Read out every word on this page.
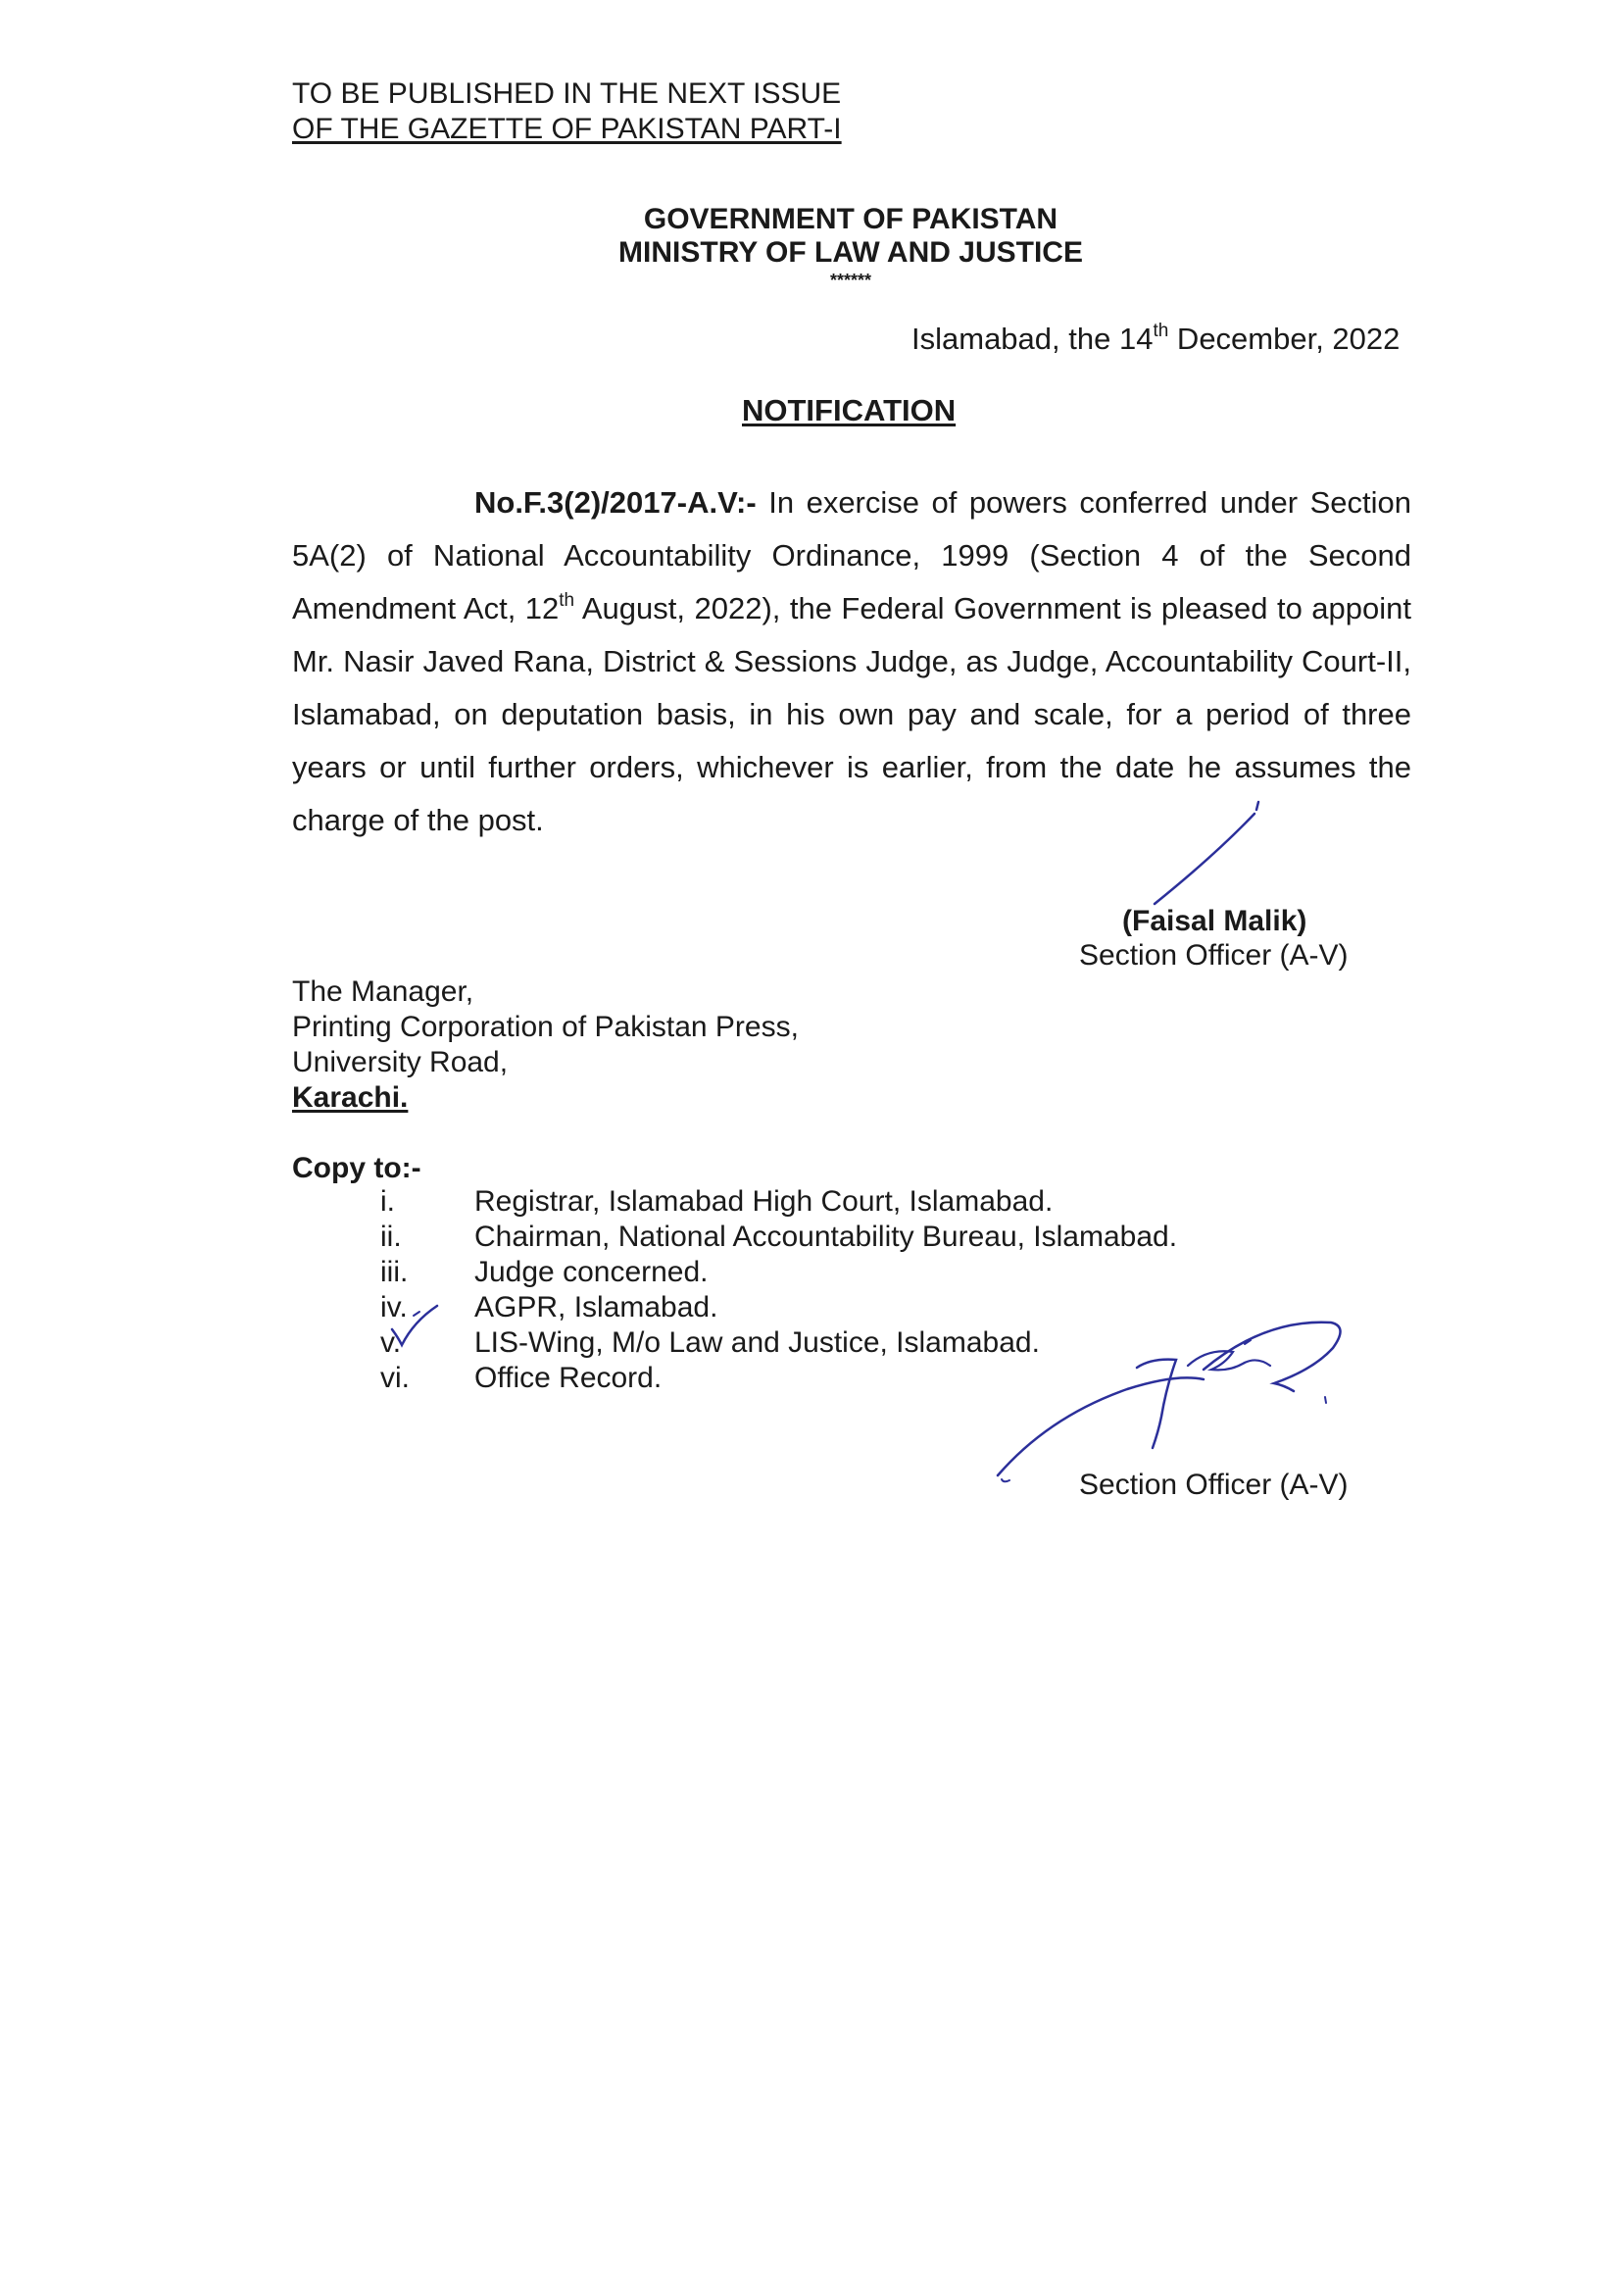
TO BE PUBLISHED IN THE NEXT ISSUE
OF THE GAZETTE OF PAKISTAN PART-I
GOVERNMENT OF PAKISTAN
MINISTRY OF LAW AND JUSTICE
******
Islamabad, the 14th December, 2022
NOTIFICATION
No.F.3(2)/2017-A.V:- In exercise of powers conferred under Section 5A(2) of National Accountability Ordinance, 1999 (Section 4 of the Second Amendment Act, 12th August, 2022), the Federal Government is pleased to appoint Mr. Nasir Javed Rana, District & Sessions Judge, as Judge, Accountability Court-II, Islamabad, on deputation basis, in his own pay and scale, for a period of three years or until further orders, whichever is earlier, from the date he assumes the charge of the post.
(Faisal Malik)
Section Officer (A-V)
The Manager,
Printing Corporation of Pakistan Press,
University Road,
Karachi.
Copy to:-
i.	Registrar, Islamabad High Court, Islamabad.
ii.	Chairman, National Accountability Bureau, Islamabad.
iii.	Judge concerned.
iv.	AGPR, Islamabad.
v.	LIS-Wing, M/o Law and Justice, Islamabad.
vi.	Office Record.
Section Officer (A-V)
